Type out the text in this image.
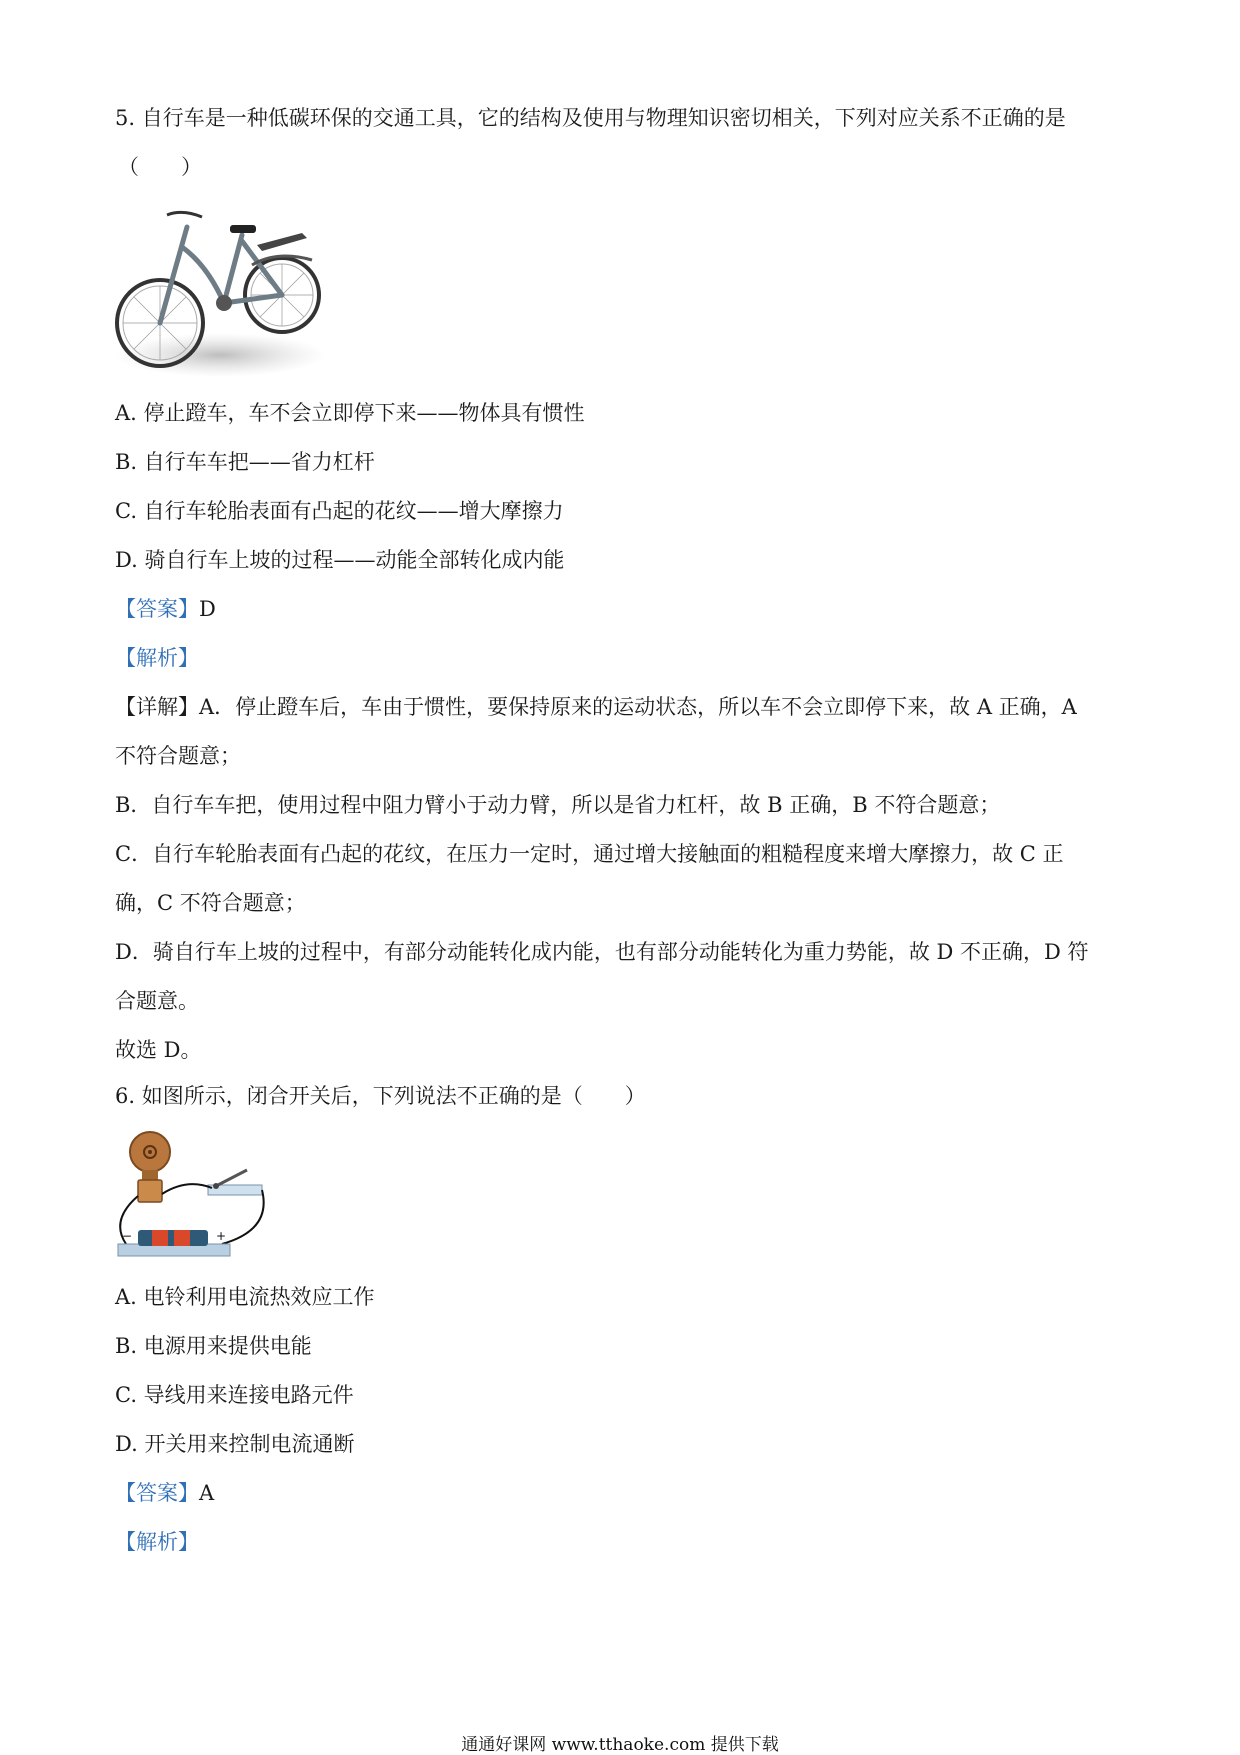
5. 自行车是一种低碳环保的交通工具，它的结构及使用与物理知识密切相关，下列对应关系不正确的是
（　　）
A. 停止蹬车，车不会立即停下来——物体具有惯性
B. 自行车车把——省力杠杆
C. 自行车轮胎表面有凸起的花纹——增大摩擦力
D. 骑自行车上坡的过程——动能全部转化成内能
【答案】D
【解析】
【详解】A．停止蹬车后，车由于惯性，要保持原来的运动状态，所以车不会立即停下来，故 A 正确，A
不符合题意；
B．自行车车把，使用过程中阻力臂小于动力臂，所以是省力杠杆，故 B 正确，B 不符合题意；
C．自行车轮胎表面有凸起的花纹，在压力一定时，通过增大接触面的粗糙程度来增大摩擦力，故 C 正
确，C 不符合题意；
D．骑自行车上坡的过程中，有部分动能转化成内能，也有部分动能转化为重力势能，故 D 不正确，D 符
合题意。
故选 D。
6. 如图所示，闭合开关后，下列说法不正确的是（　　）
−	+
A. 电铃利用电流热效应工作
B. 电源用来提供电能
C. 导线用来连接电路元件
D. 开关用来控制电流通断
【答案】A
【解析】
通通好课网 www.tthaoke.com 提供下载
